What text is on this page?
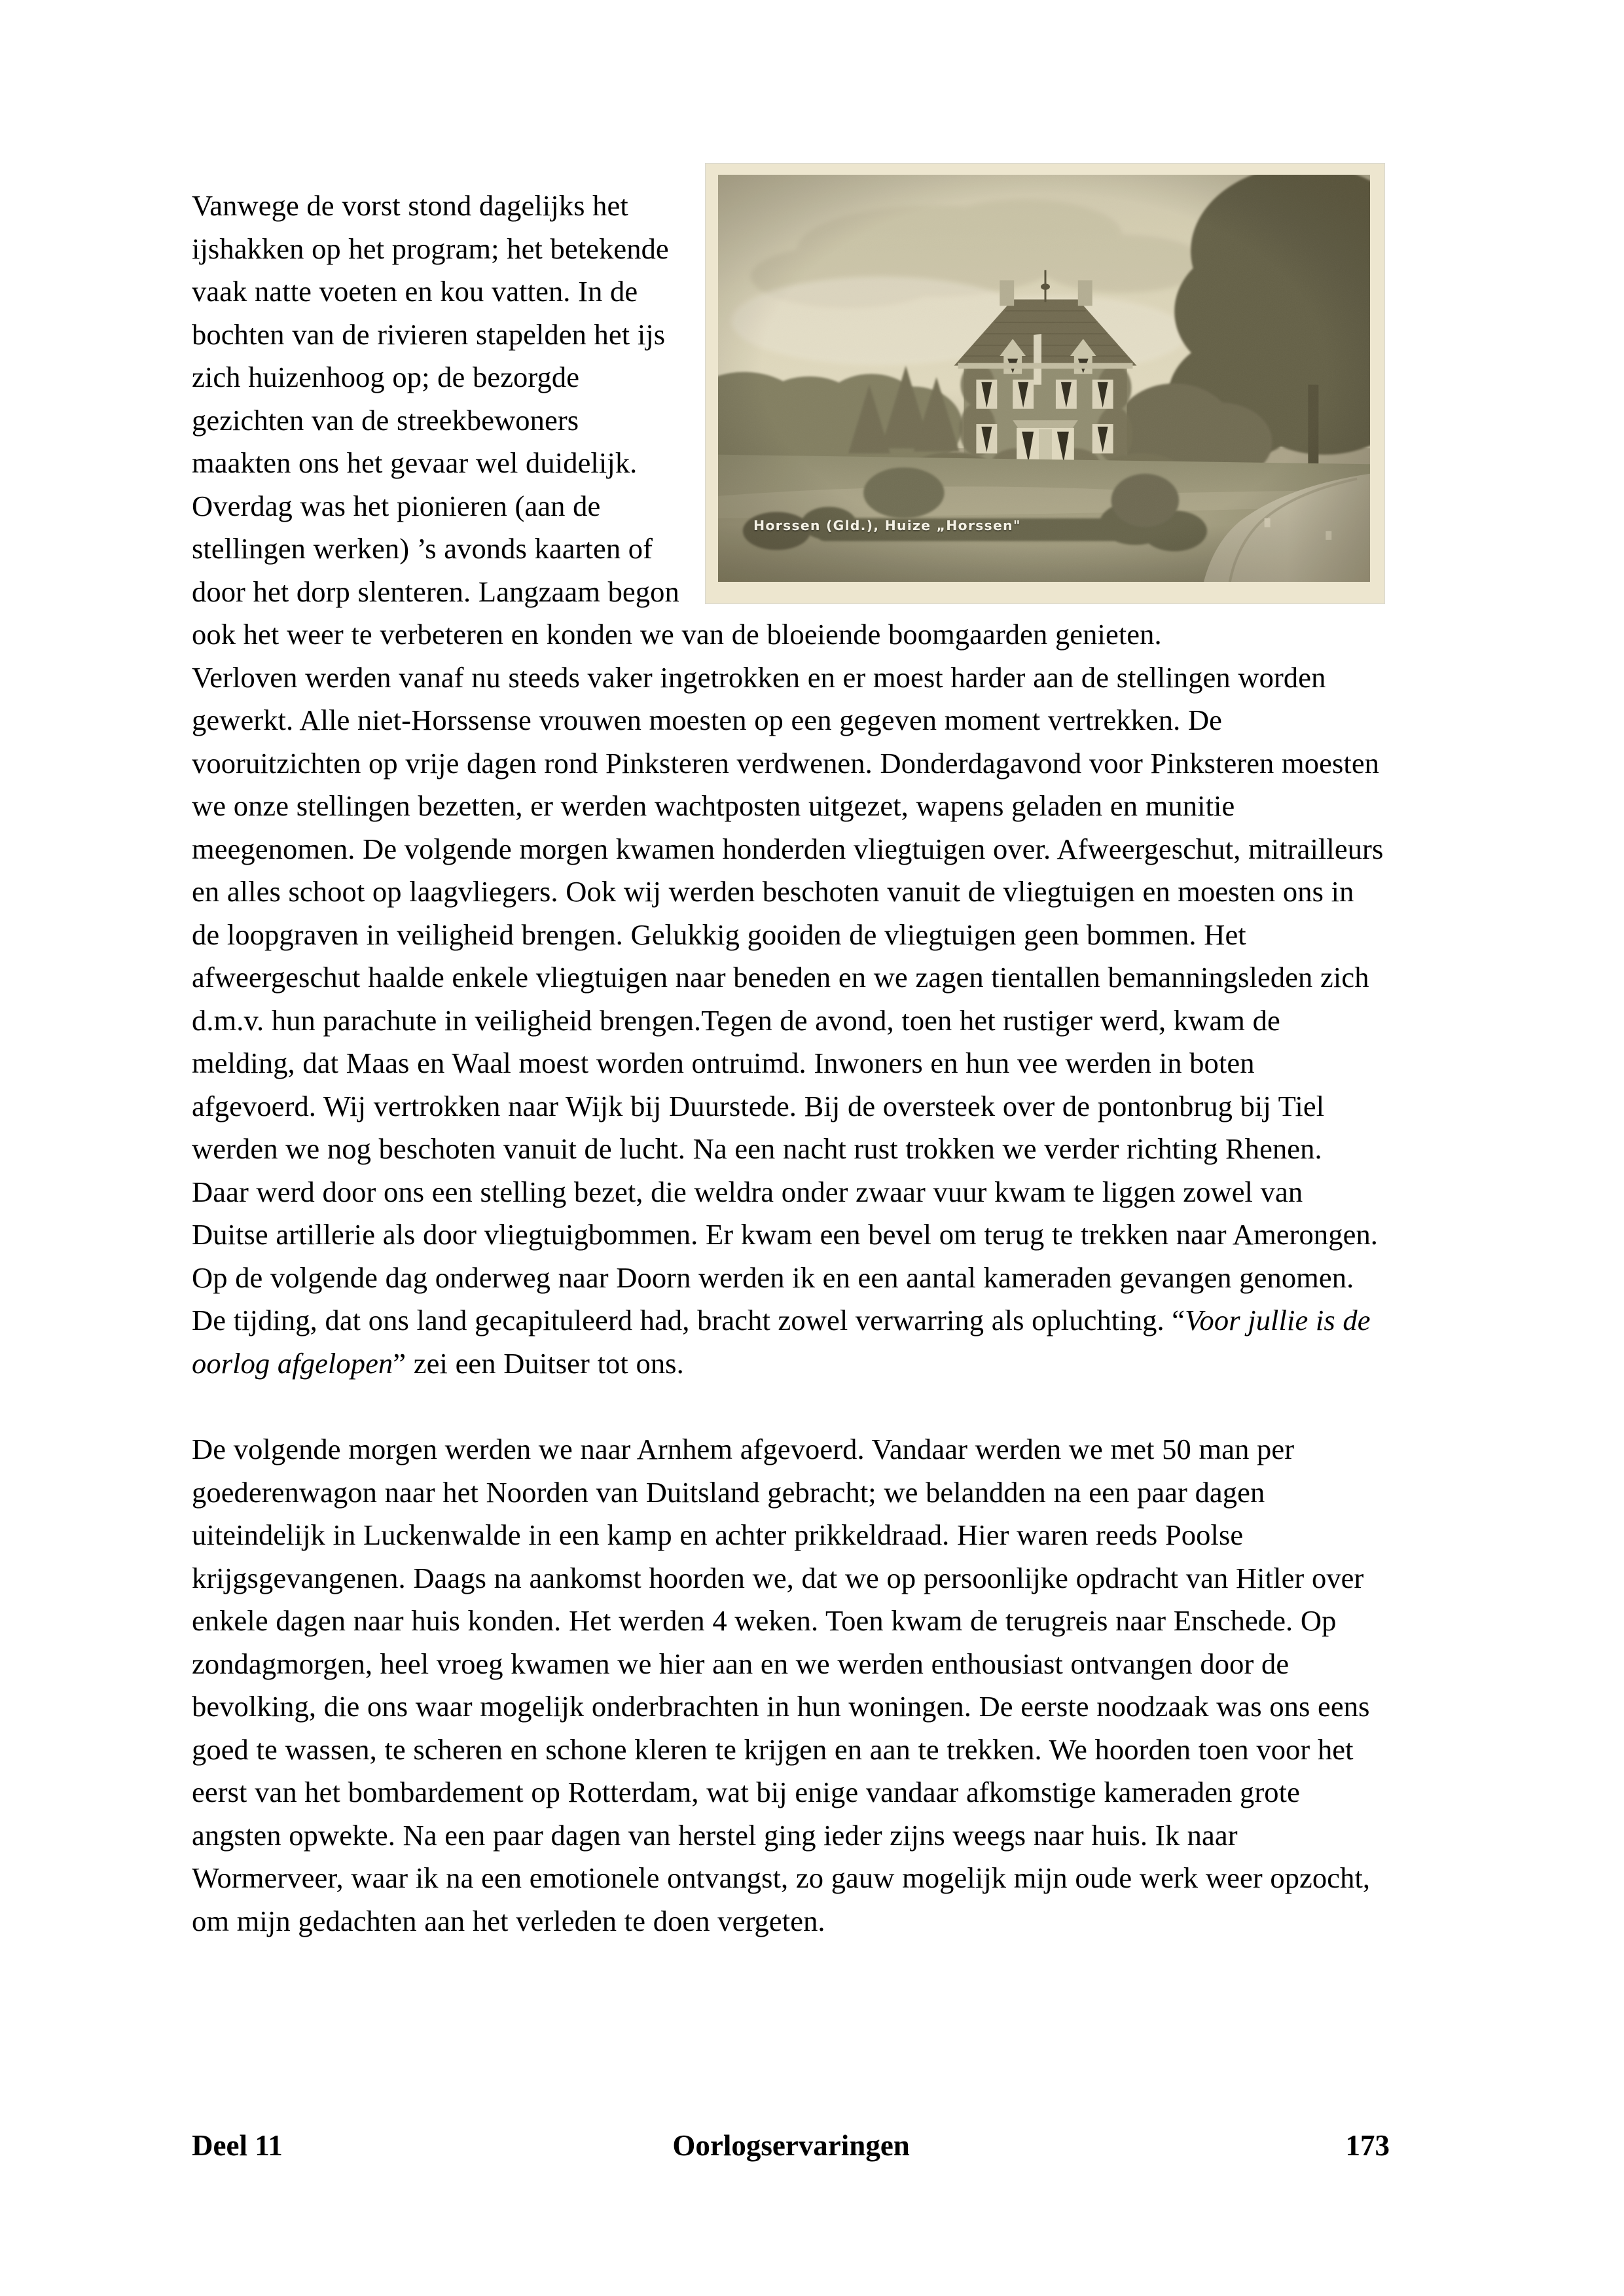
Horssen (Gld.), Huize „Horssen"

Vanwege de vorst stond dagelijks het ijshakken op het program; het betekende vaak natte voeten en kou vatten. In de bochten van de rivieren stapelden het ijs zich huizenhoog op; de bezorgde gezichten van de streekbewoners maakten ons het gevaar wel duidelijk.

Overdag was het pionieren (aan de stellingen werken) ’s avonds kaarten of door het dorp slenteren. Langzaam begon ook het weer te verbeteren en konden we van de bloeiende boomgaarden genieten.

Verloven werden vanaf nu steeds vaker ingetrokken en er moest harder aan de stellingen worden gewerkt. Alle niet-Horssense vrouwen moesten op een gegeven moment vertrekken. De vooruitzichten op vrije dagen rond Pinksteren verdwenen. Donderdagavond voor Pinksteren moesten we onze stellingen bezetten, er werden wachtposten uitgezet, wapens geladen en munitie meegenomen. De volgende morgen kwamen honderden vliegtuigen over. Afweergeschut, mitrailleurs en alles schoot op laagvliegers. Ook wij werden beschoten vanuit de vliegtuigen en moesten ons in de loopgraven in veiligheid brengen. Gelukkig gooiden de vliegtuigen geen bommen. Het afweergeschut haalde enkele vliegtuigen naar beneden en we zagen tientallen bemanningsleden zich d.m.v. hun parachute in veiligheid brengen.Tegen de avond, toen het rustiger werd, kwam de melding, dat Maas en Waal moest worden ontruimd. Inwoners en hun vee werden in boten afgevoerd. Wij vertrokken naar Wijk bij Duurstede. Bij de oversteek over de pontonbrug bij Tiel werden we nog beschoten vanuit de lucht. Na een nacht rust trokken we verder richting Rhenen. Daar werd door ons een stelling bezet, die weldra onder zwaar vuur kwam te liggen zowel van Duitse artillerie als door vliegtuigbommen. Er kwam een bevel om terug te trekken naar Amerongen. Op de volgende dag onderweg naar Doorn werden ik en een aantal kameraden gevangen genomen. De tijding, dat ons land gecapituleerd had, bracht zowel verwarring als opluchting. “Voor jullie is de oorlog afgelopen” zei een Duitser tot ons.

De volgende morgen werden we naar Arnhem afgevoerd. Vandaar werden we met 50 man per goederenwagon naar het Noorden van Duitsland gebracht; we belandden na een paar dagen uiteindelijk in Luckenwalde in een kamp en achter prikkeldraad. Hier waren reeds Poolse krijgsgevangenen. Daags na aankomst hoorden we, dat we op persoonlijke opdracht van Hitler over enkele dagen naar huis konden. Het werden 4 weken. Toen kwam de terugreis naar Enschede. Op zondagmorgen, heel vroeg kwamen we hier aan en we werden enthousiast ontvangen door de bevolking, die ons waar mogelijk onderbrachten in hun woningen. De eerste noodzaak was ons eens goed te wassen, te scheren en schone kleren te krijgen en aan te trekken. We hoorden toen voor het eerst van het bombardement op Rotterdam, wat bij enige vandaar afkomstige kameraden grote angsten opwekte. Na een paar dagen van herstel ging ieder zijns weegs naar huis. Ik naar Wormerveer, waar ik na een emotionele ontvangst, zo gauw mogelijk mijn oude werk weer opzocht, om mijn gedachten aan het verleden te doen vergeten.

Deel 11	Oorlogservaringen	173
